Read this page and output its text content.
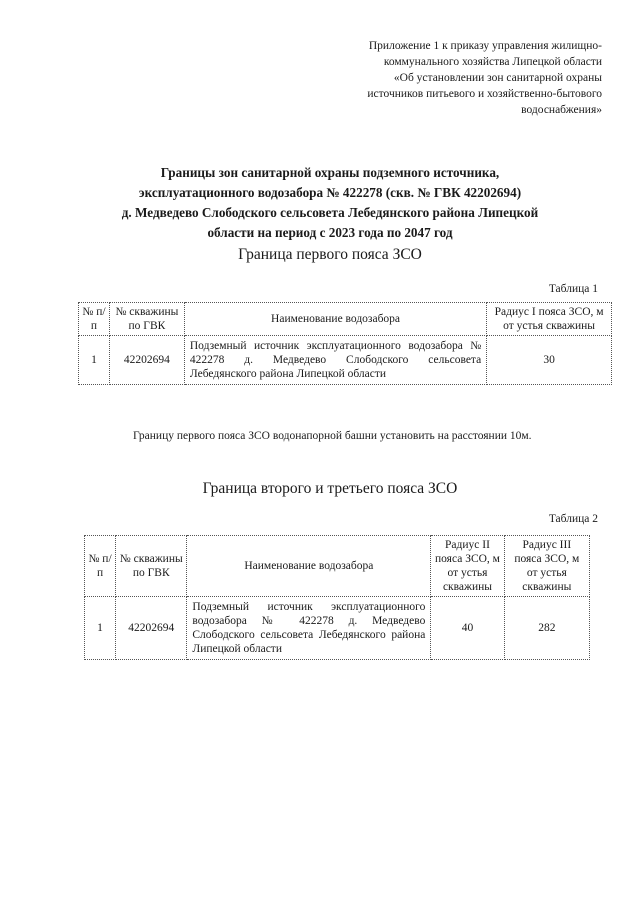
Приложение 1 к приказу управления жилищно-
коммунального хозяйства Липецкой области
«Об установлении зон санитарной охраны
источников питьевого и хозяйственно-бытового
водоснабжения»
Границы зон санитарной охраны подземного источника,
эксплуатационного водозабора № 422278 (скв. № ГВК 42202694)
д. Медведево Слободского сельсовета Лебедянского района Липецкой
области на период с 2023 года по 2047 год
Граница первого пояса ЗСО
Таблица 1
№ п/п	№ скважины по ГВК	Наименование водозабора	Радиус I пояса ЗСО, м от устья скважины
1	42202694	Подземный источник эксплуатационного водозабора № 422278 д. Медведево Слободского сельсовета Лебедянского района Липецкой области	30
Границу первого пояса ЗСО водонапорной башни установить на расстоянии 10м.
Граница второго и третьего пояса ЗСО
Таблица 2
№ п/п	№ скважины по ГВК	Наименование водозабора	Радиус II пояса ЗСО, м от устья скважины	Радиус III пояса ЗСО, м от устья скважины
1	42202694	Подземный источник эксплуатационного водозабора № 422278 д. Медведево Слободского сельсовета Лебедянского района Липецкой области	40	282
